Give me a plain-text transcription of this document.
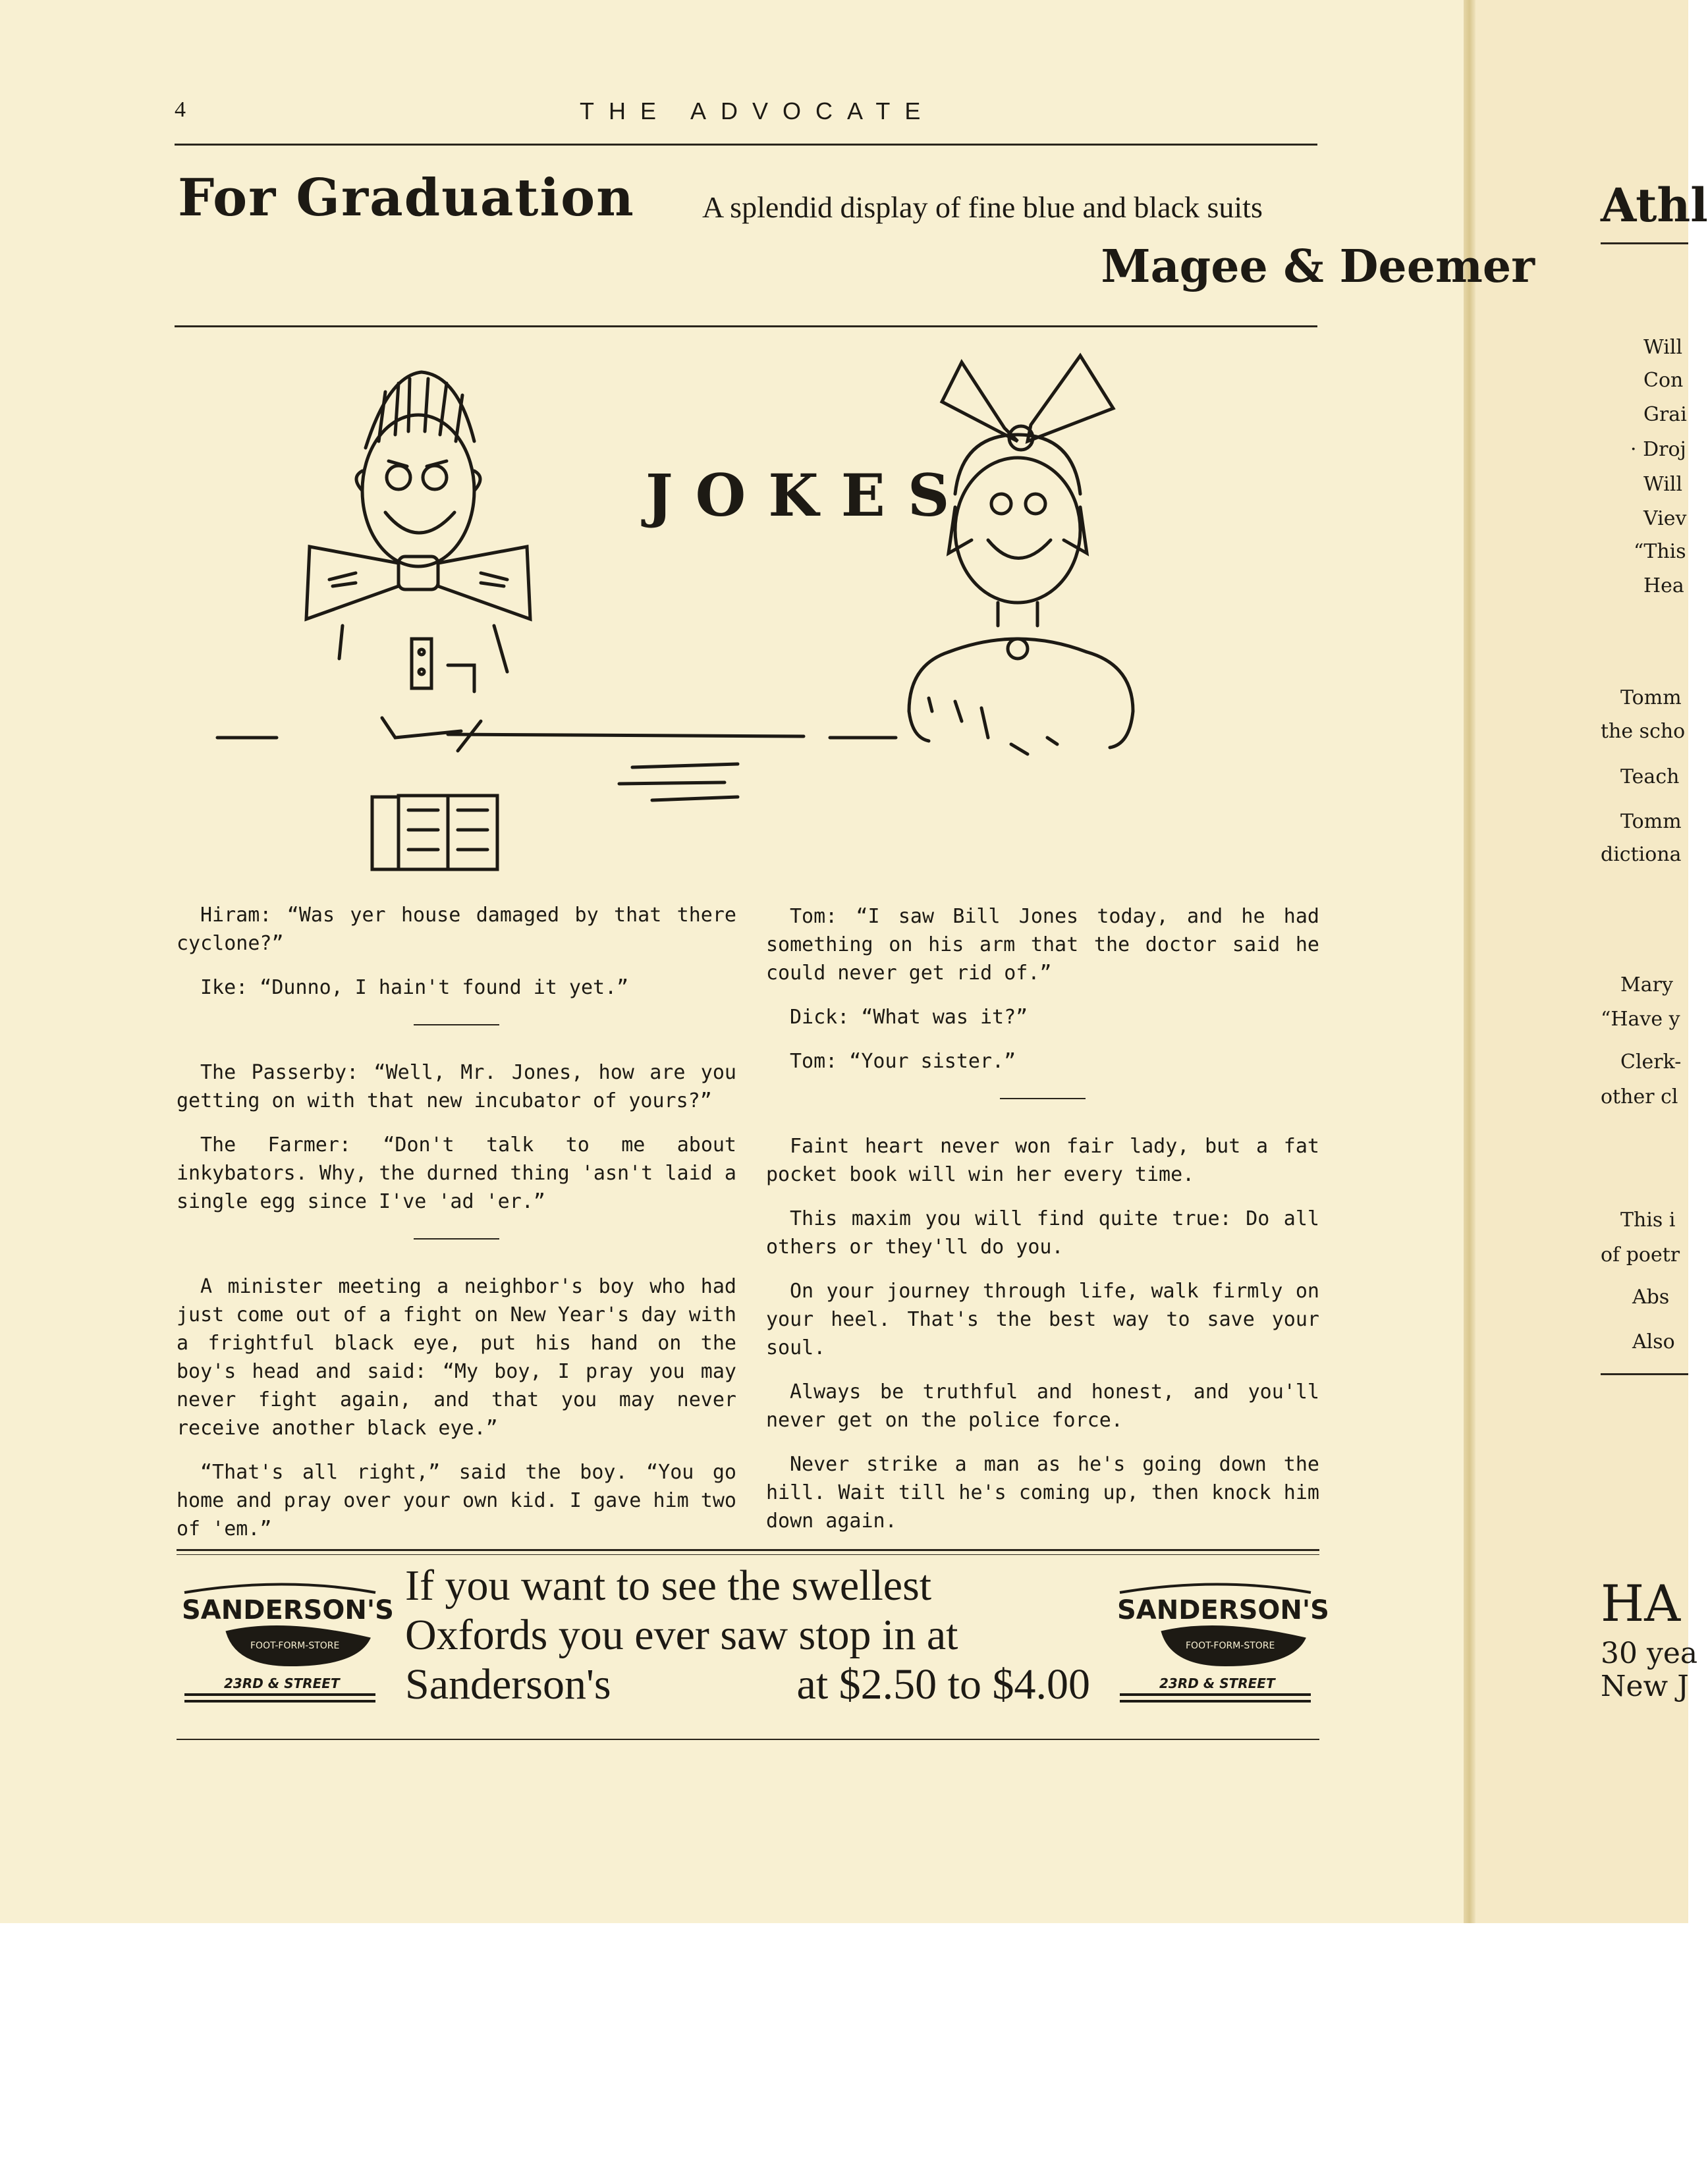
4	THE ADVOCATE
For Graduation A splendid display of fine blue and black suits
Magee & Deemer
JOKES

Hiram: “Was yer house damaged by that there cyclone?”

Ike: “Dunno, I hain't found it yet.”

The Passerby: “Well, Mr. Jones, how are you getting on with that new incubator of yours?”

The Farmer: “Don't talk to me about inkybators. Why, the durned thing 'asn't laid a single egg since I've 'ad 'er.”

A minister meeting a neighbor's boy who had just come out of a fight on New Year's day with a frightful black eye, put his hand on the boy's head and said: “My boy, I pray you may never fight again, and that you may never receive another black eye.”

“That's all right,” said the boy. “You go home and pray over your own kid. I gave him two of 'em.”

Tom: “I saw Bill Jones today, and he had something on his arm that the doctor said he could never get rid of.”

Dick: “What was it?”

Tom: “Your sister.”

Faint heart never won fair lady, but a fat pocket book will win her every time.

This maxim you will find quite true: Do all others or they'll do you.

On your journey through life, walk firmly on your heel. That's the best way to save your soul.

Always be truthful and honest, and you'll never get on the police force.

Never strike a man as he's going down the hill. Wait till he's coming up, then knock him down again.

SANDERSON'S
FOOT-FORM-STORE
23RD & STREET
If you want to see the swellest
Oxfords you ever saw stop in at
Sanderson's	at $2.50 to $4.00
SANDERSON'S
FOOT-FORM-STORE
23RD & STREET
Athl
HA
30 yea
New J
Will
Con
Grai
· Droj
Will
Viev
“This
Hea
Tomm
the scho
Teach
Tomm
dictiona
Mary
“Have y
Clerk-
other cl
This i
of poetr
Abs
Also
